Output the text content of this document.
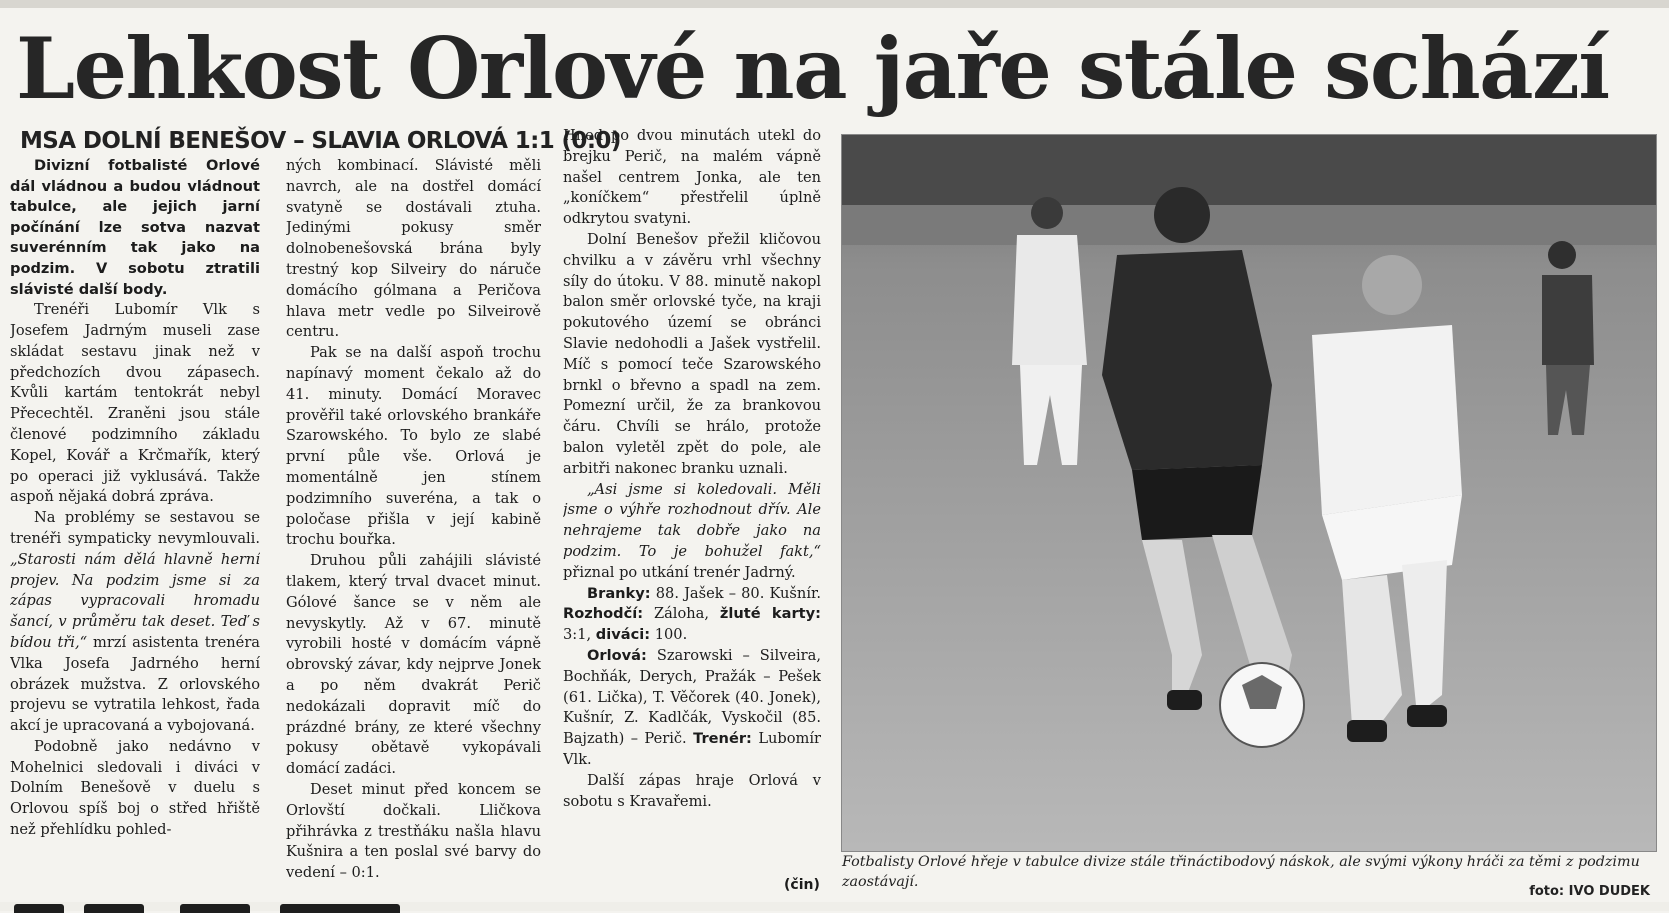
Lehkost Orlové na jaře stále schází
MSA DOLNÍ BENEŠOV – SLAVIA ORLOVÁ 1:1 (0:0)

Divizní fotbalisté Orlové dál vládnou a budou vládnout tabulce, ale jejich jarní počínání lze sotva nazvat suverénním tak jako na podzim. V sobotu ztratili slávisté další body.

Trenéři Lubomír Vlk s Josefem Jadrným museli zase skládat sestavu jinak než v předchozích dvou zápasech. Kvůli kartám tentokrát nebyl Přecechtěl. Zraněni jsou stále členové podzimního základu Kopel, Kovář a Krčmařík, který po operaci již vyklusává. Takže aspoň nějaká dobrá zpráva.

Na problémy se sestavou se trenéři sympaticky nevymlouvali. „Starosti nám dělá hlavně herní projev. Na podzim jsme si za zápas vypracovali hromadu šancí, v průměru tak deset. Teď s bídou tři,“ mrzí asistenta trenéra Vlka Josefa Jadrného herní obrázek mužstva. Z orlovského projevu se vytratila lehkost, řada akcí je upracovaná a vybojovaná.

Podobně jako nedávno v Mohelnici sledovali i diváci v Dolním Benešově v duelu s Orlovou spíš boj o střed hřiště než přehlídku pohled-

ných kombinací. Slávisté měli navrch, ale na dostřel domácí svatyně se dostávali ztuha. Jedinými pokusy směr dolnobenešovská brána byly trestný kop Silveiry do náruče domácího gólmana a Peričova hlava metr vedle po Silveirově centru.

Pak se na další aspoň trochu napínavý moment čekalo až do 41. minuty. Domácí Moravec prověřil také orlovského brankáře Szarowského. To bylo ze slabé první půle vše. Orlová je momentálně jen stínem podzimního suveréna, a tak o poločase přišla v její kabině trochu bouřka.

Druhou půli zahájili slávisté tlakem, který trval dvacet minut. Gólové šance se v něm ale nevyskytly. Až v 67. minutě vyrobili hosté v domácím vápně obrovský závar, kdy nejprve Jonek a po něm dvakrát Perič nedokázali dopravit míč do prázdné brány, ze které všechny pokusy obětavě vykopávali domácí zadáci.

Deset minut před koncem se Orlovští dočkali. Lličkova přihrávka z trestňáku našla hlavu Kušnira a ten poslal své barvy do vedení – 0:1.

Hned po dvou minutách utekl do brejku Perič, na malém vápně našel centrem Jonka, ale ten „koníčkem“ přestřelil úplně odkrytou svatyni.

Dolní Benešov přežil kličovou chvilku a v závěru vrhl všechny síly do útoku. V 88. minutě nakopl balon směr orlovské tyče, na kraji pokutového území se obránci Slavie nedohodli a Jašek vystřelil. Míč s pomocí teče Szarowského brnkl o břevno a spadl na zem. Pomezní určil, že za brankovou čáru. Chvíli se hrálo, protože balon vyletěl zpět do pole, ale arbitři nakonec branku uznali.

„Asi jsme si koledovali. Měli jsme o výhře rozhodnout dřív. Ale nehrajeme tak dobře jako na podzim. To je bohužel fakt,“ přiznal po utkání trenér Jadrný.

Branky: 88. Jašek – 80. Kušnír. Rozhodčí: Záloha, žluté karty: 3:1, diváci: 100.

Orlová: Szarowski – Silveira, Bochňák, Derych, Pražák – Pešek (61. Lička), T. Věčorek (40. Jonek), Kušnír, Z. Kadlčák, Vyskočil (85. Bajzath) – Perič. Trenér: Lubomír Vlk.

Další zápas hraje Orlová v sobotu s Kravařemi.

(čin)
Fotbalisty Orlové hřeje v tabulce divize stále třináctibodový náskok, ale svými výkony hráči za těmi z podzimu zaostávají.
foto: IVO DUDEK
